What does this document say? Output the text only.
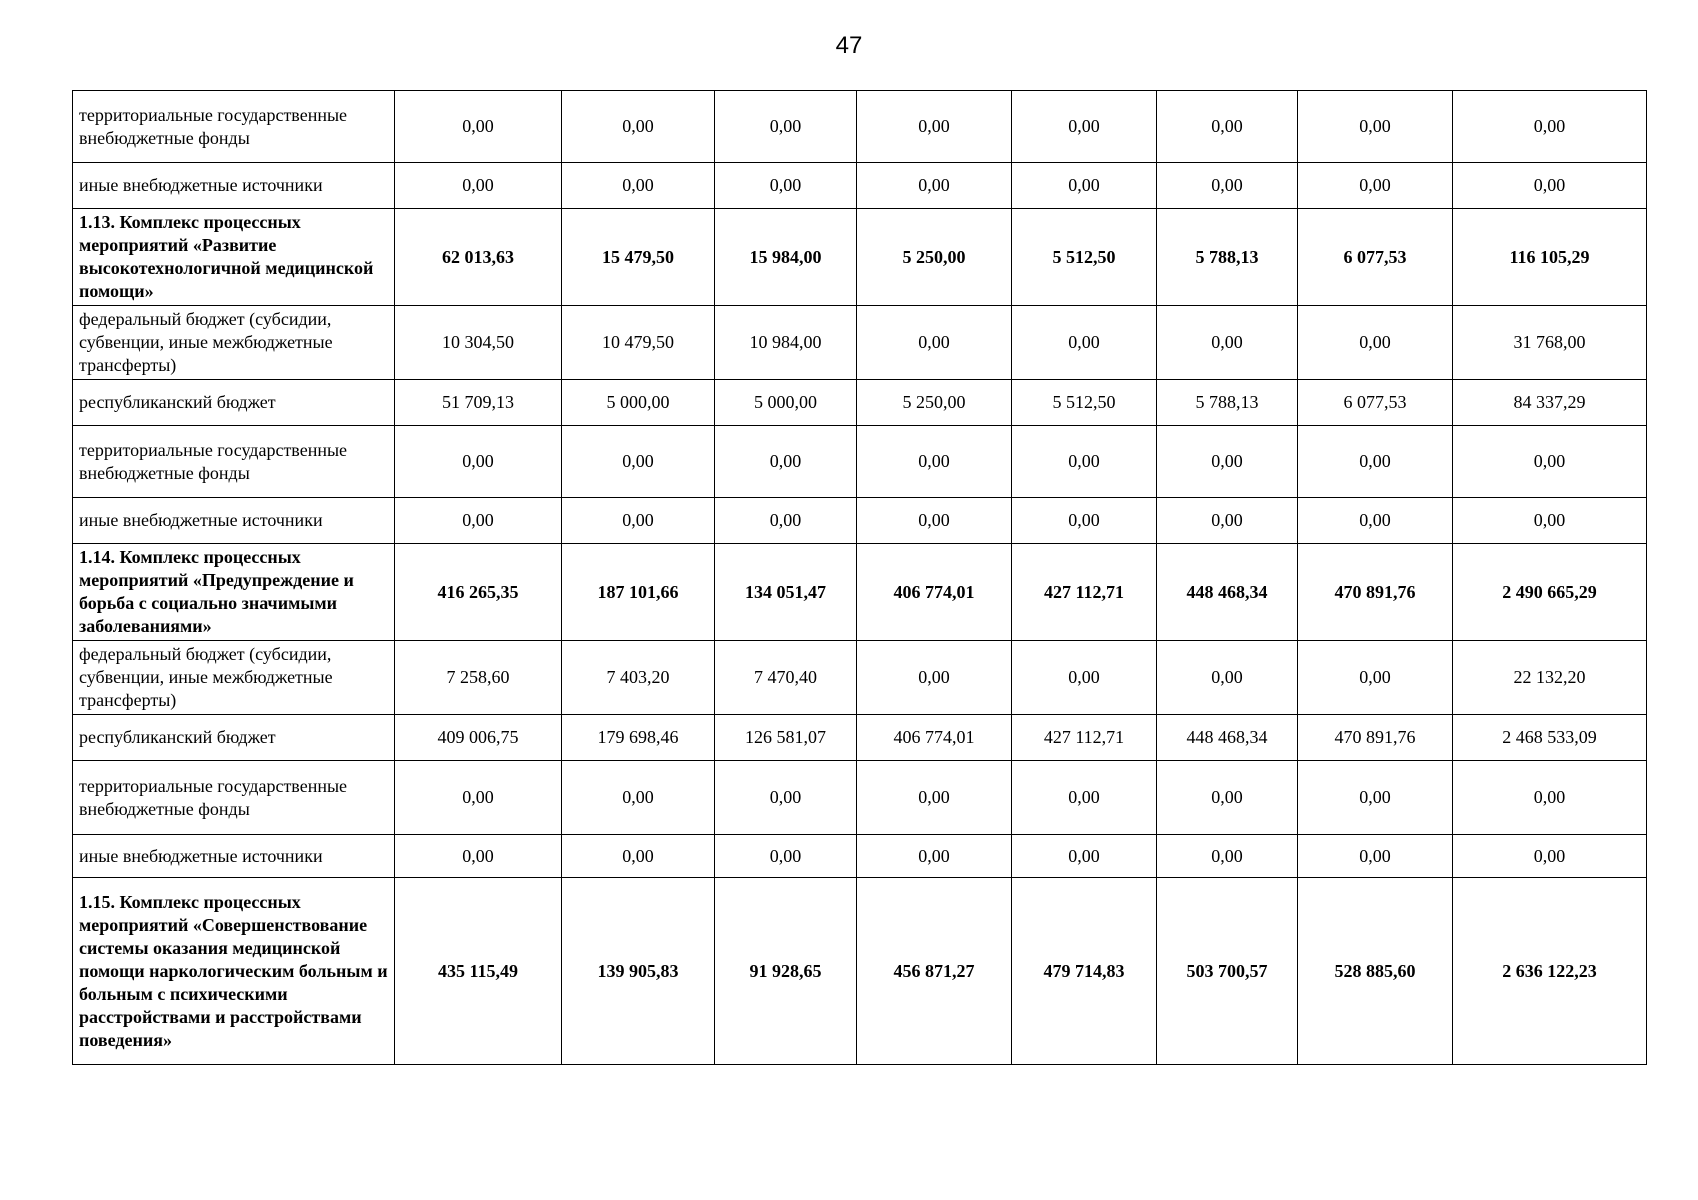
47
территориальные государственные внебюджетные фонды	0,00	0,00	0,00	0,00	0,00	0,00	0,00	0,00
иные внебюджетные источники	0,00	0,00	0,00	0,00	0,00	0,00	0,00	0,00
1.13. Комплекс процессных мероприятий «Развитие высокотехнологичной медицинской помощи»	62 013,63	15 479,50	15 984,00	5 250,00	5 512,50	5 788,13	6 077,53	116 105,29
федеральный бюджет (субсидии, субвенции, иные межбюджетные трансферты)	10 304,50	10 479,50	10 984,00	0,00	0,00	0,00	0,00	31 768,00
республиканский бюджет	51 709,13	5 000,00	5 000,00	5 250,00	5 512,50	5 788,13	6 077,53	84 337,29
территориальные государственные внебюджетные фонды	0,00	0,00	0,00	0,00	0,00	0,00	0,00	0,00
иные внебюджетные источники	0,00	0,00	0,00	0,00	0,00	0,00	0,00	0,00
1.14. Комплекс процессных мероприятий «Предупреждение и борьба с социально значимыми заболеваниями»	416 265,35	187 101,66	134 051,47	406 774,01	427 112,71	448 468,34	470 891,76	2 490 665,29
федеральный бюджет (субсидии, субвенции, иные межбюджетные трансферты)	7 258,60	7 403,20	7 470,40	0,00	0,00	0,00	0,00	22 132,20
республиканский бюджет	409 006,75	179 698,46	126 581,07	406 774,01	427 112,71	448 468,34	470 891,76	2 468 533,09
территориальные государственные внебюджетные фонды	0,00	0,00	0,00	0,00	0,00	0,00	0,00	0,00
иные внебюджетные источники	0,00	0,00	0,00	0,00	0,00	0,00	0,00	0,00
1.15. Комплекс процессных мероприятий «Совершенствование системы оказания медицинской помощи наркологическим больным и больным с психическими расстройствами и расстройствами поведения»	435 115,49	139 905,83	91 928,65	456 871,27	479 714,83	503 700,57	528 885,60	2 636 122,23
